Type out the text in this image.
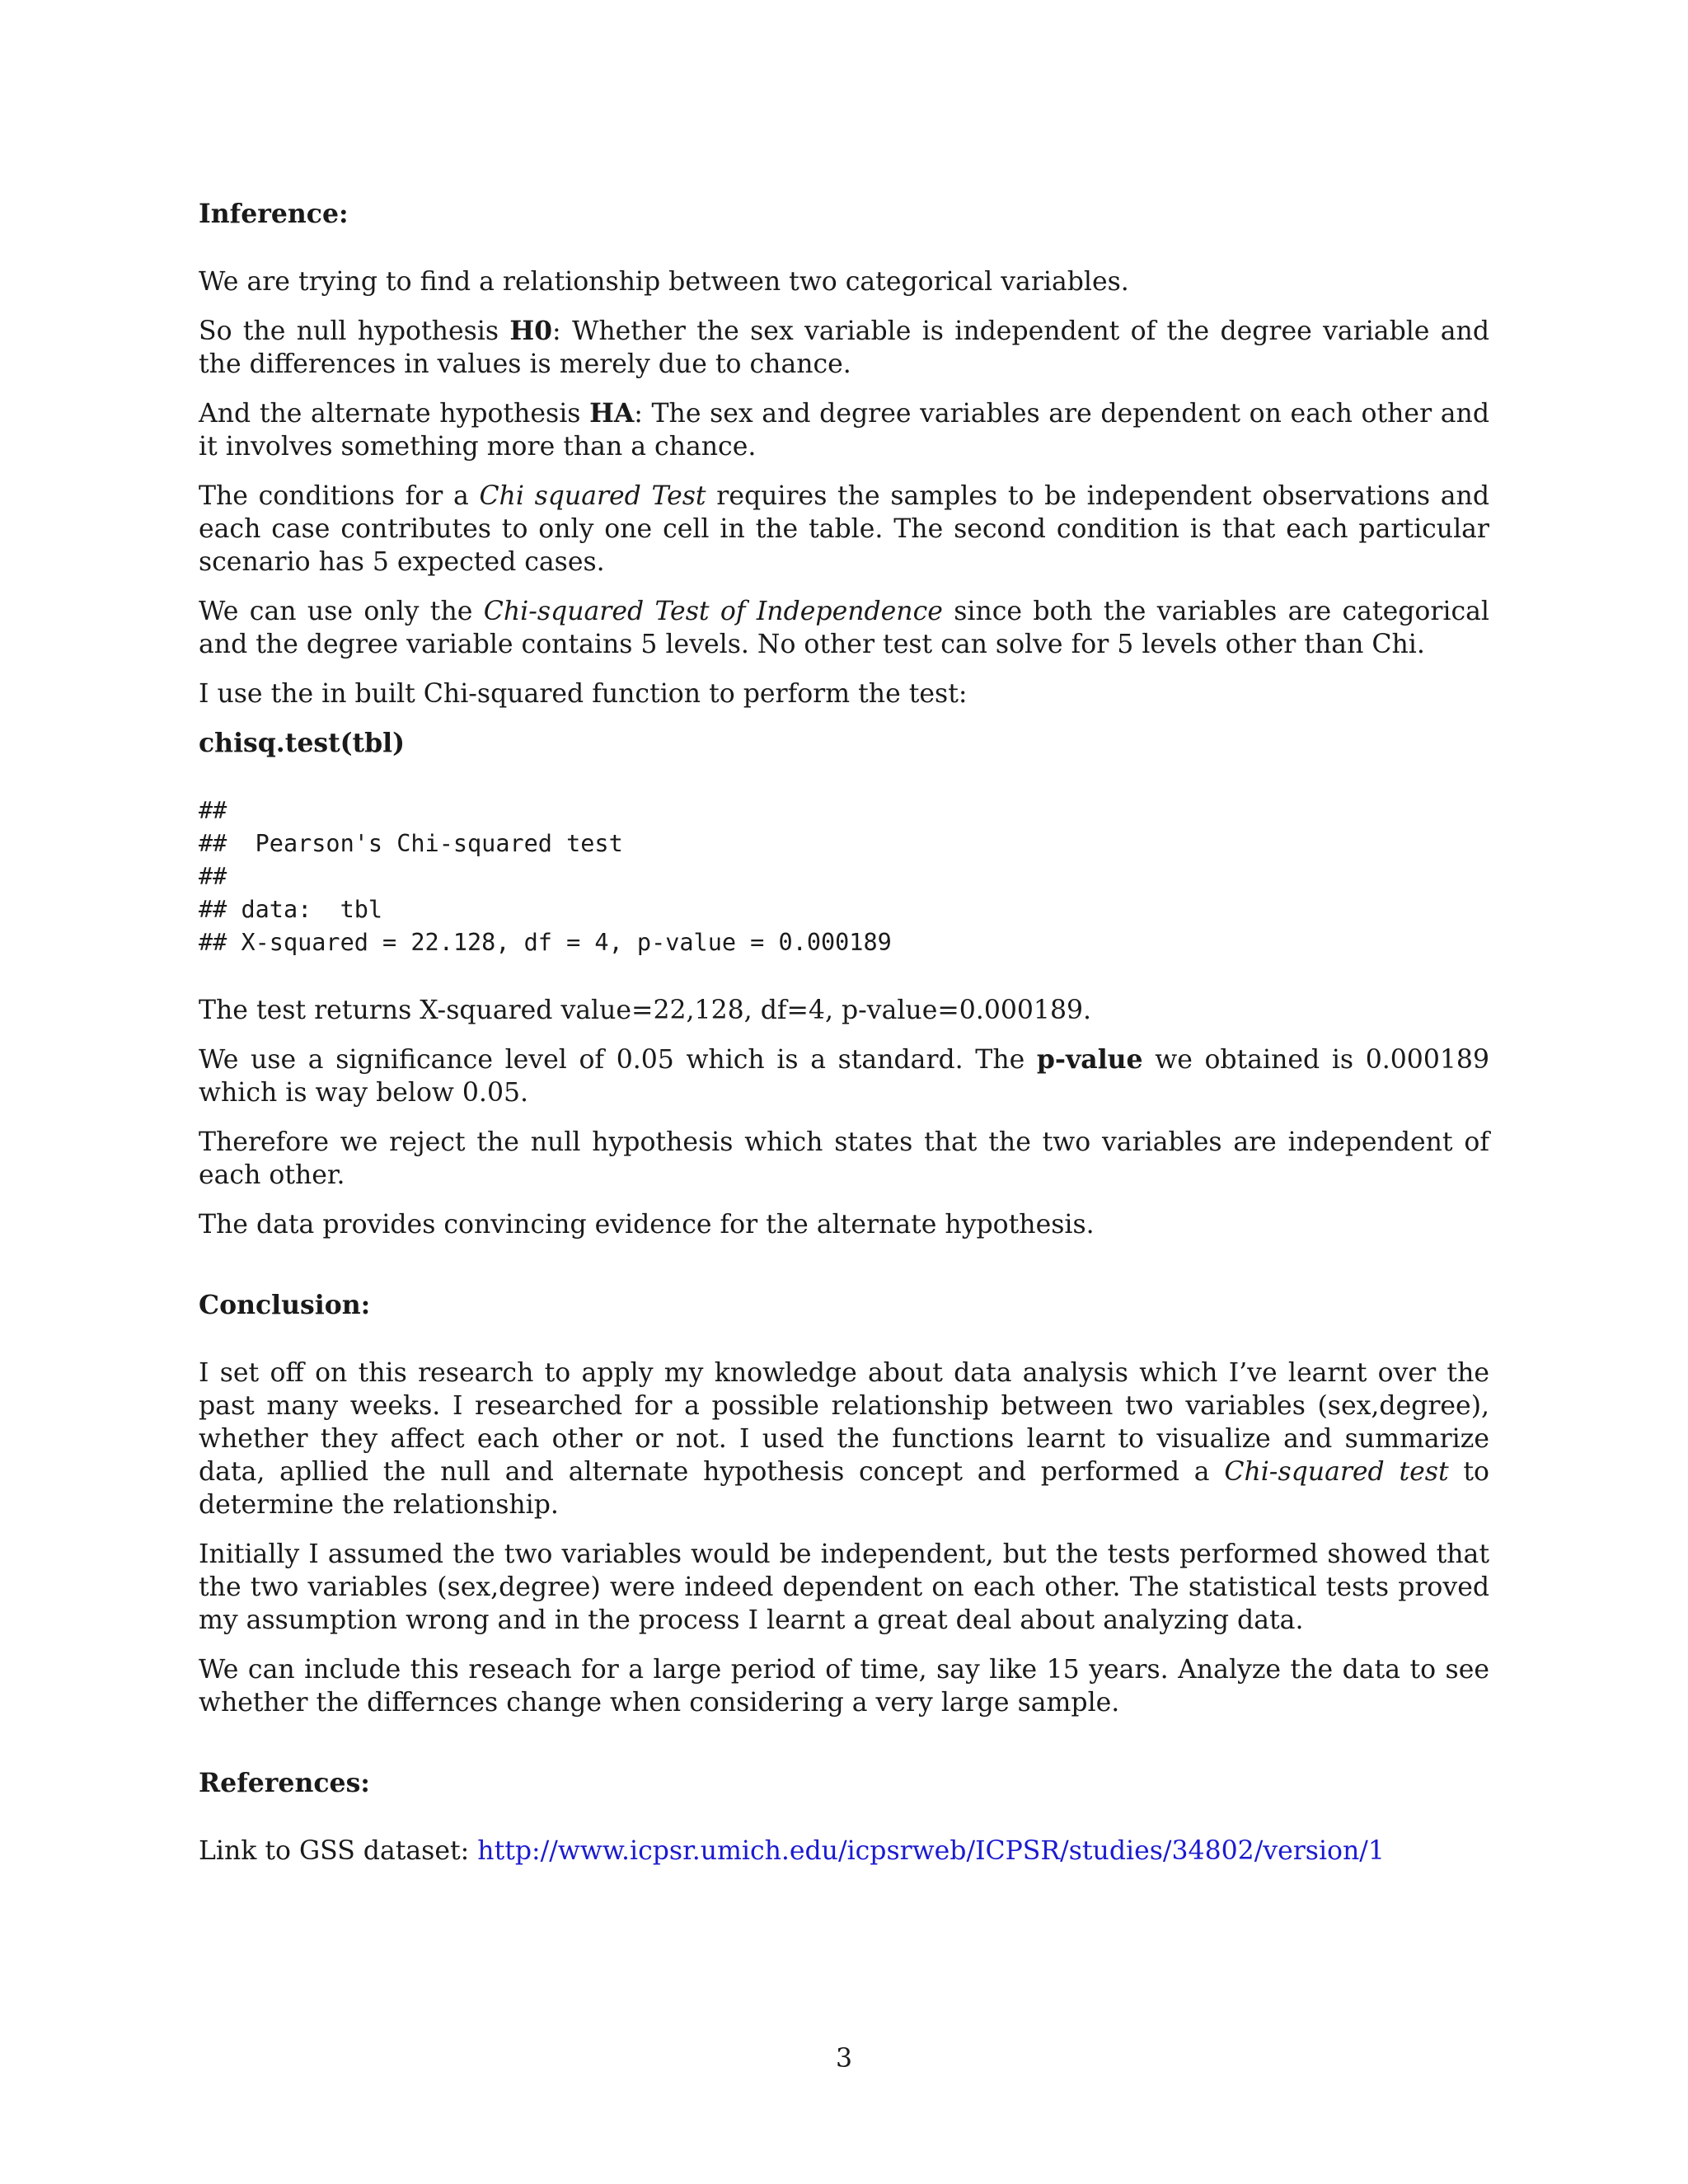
Inference:

We are trying to find a relationship between two categorical variables.

So the null hypothesis H0: Whether the sex variable is independent of the degree variable and the differences in values is merely due to chance.

And the alternate hypothesis HA: The sex and degree variables are dependent on each other and it involves something more than a chance.

The conditions for a Chi squared Test requires the samples to be independent observations and each case contributes to only one cell in the table. The second condition is that each particular scenario has 5 expected cases.

We can use only the Chi-squared Test of Independence since both the variables are categorical and the degree variable contains 5 levels. No other test can solve for 5 levels other than Chi.

I use the in built Chi-squared function to perform the test:

chisq.test(tbl)
##
##  Pearson's Chi-squared test
##
## data:  tbl
## X-squared = 22.128, df = 4, p-value = 0.000189

The test returns X-squared value=22,128, df=4, p-value=0.000189.

We use a significance level of 0.05 which is a standard. The p-value we obtained is 0.000189 which is way below 0.05.

Therefore we reject the null hypothesis which states that the two variables are independent of each other.

The data provides convincing evidence for the alternate hypothesis.

Conclusion:

I set off on this research to apply my knowledge about data analysis which I’ve learnt over the past many weeks. I researched for a possible relationship between two variables (sex,degree), whether they affect each other or not. I used the functions learnt to visualize and summarize data, apllied the null and alternate hypothesis concept and performed a Chi-squared test to determine the relationship.

Initially I assumed the two variables would be independent, but the tests performed showed that the two variables (sex,degree) were indeed dependent on each other. The statistical tests proved my assumption wrong and in the process I learnt a great deal about analyzing data.

We can include this reseach for a large period of time, say like 15 years. Analyze the data to see whether the differnces change when considering a very large sample.

References:

Link to GSS dataset: http://www.icpsr.umich.edu/icpsrweb/ICPSR/studies/34802/version/1

3
